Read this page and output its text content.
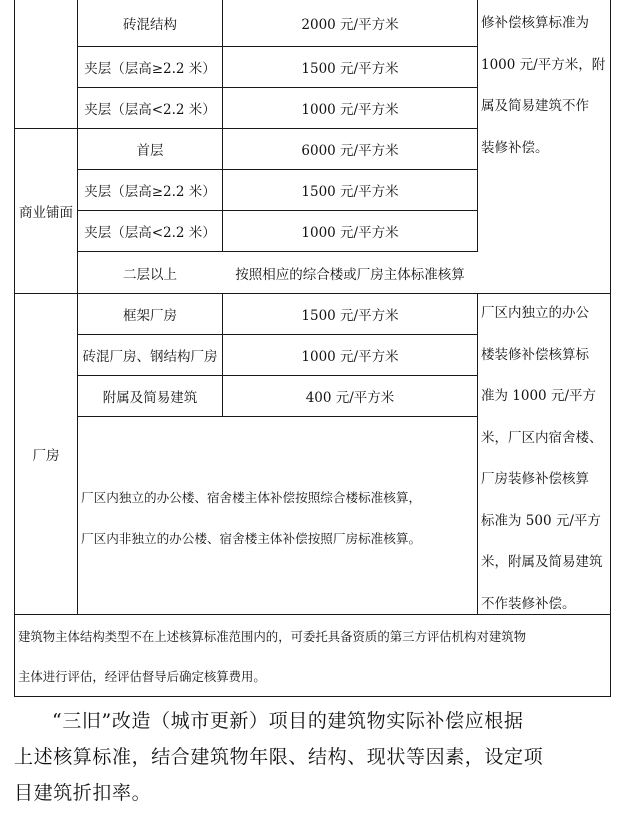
砖混结构	2000 元/平方米
夹层（层高≥2.2 米）	1500 元/平方米
夹层（层高<2.2 米）	1000 元/平方米
修补偿核算标准为
1000 元/平方米，附
属及简易建筑不作
装修补偿。
商业铺面
首层	6000 元/平方米
夹层（层高≥2.2 米）	1500 元/平方米
夹层（层高<2.2 米）	1000 元/平方米
二层以上	按照相应的综合楼或厂房主体标准核算
厂房
框架厂房	1500 元/平方米
砖混厂房、钢结构厂房	1000 元/平方米
附属及简易建筑	400 元/平方米
厂区内独立的办公楼、宿舍楼主体补偿按照综合楼标准核算，
厂区内非独立的办公楼、宿舍楼主体补偿按照厂房标准核算。
厂区内独立的办公
楼装修补偿核算标
准为 1000 元/平方
米，厂区内宿舍楼、
厂房装修补偿核算
标准为 500 元/平方
米，附属及简易建筑
不作装修补偿。
建筑物主体结构类型不在上述核算标准范围内的，可委托具备资质的第三方评估机构对建筑物
主体进行评估，经评估督导后确定核算费用。
“三旧”改造（城市更新）项目的建筑物实际补偿应根据
上述核算标准，结合建筑物年限、结构、现状等因素，设定项
目建筑折扣率。
